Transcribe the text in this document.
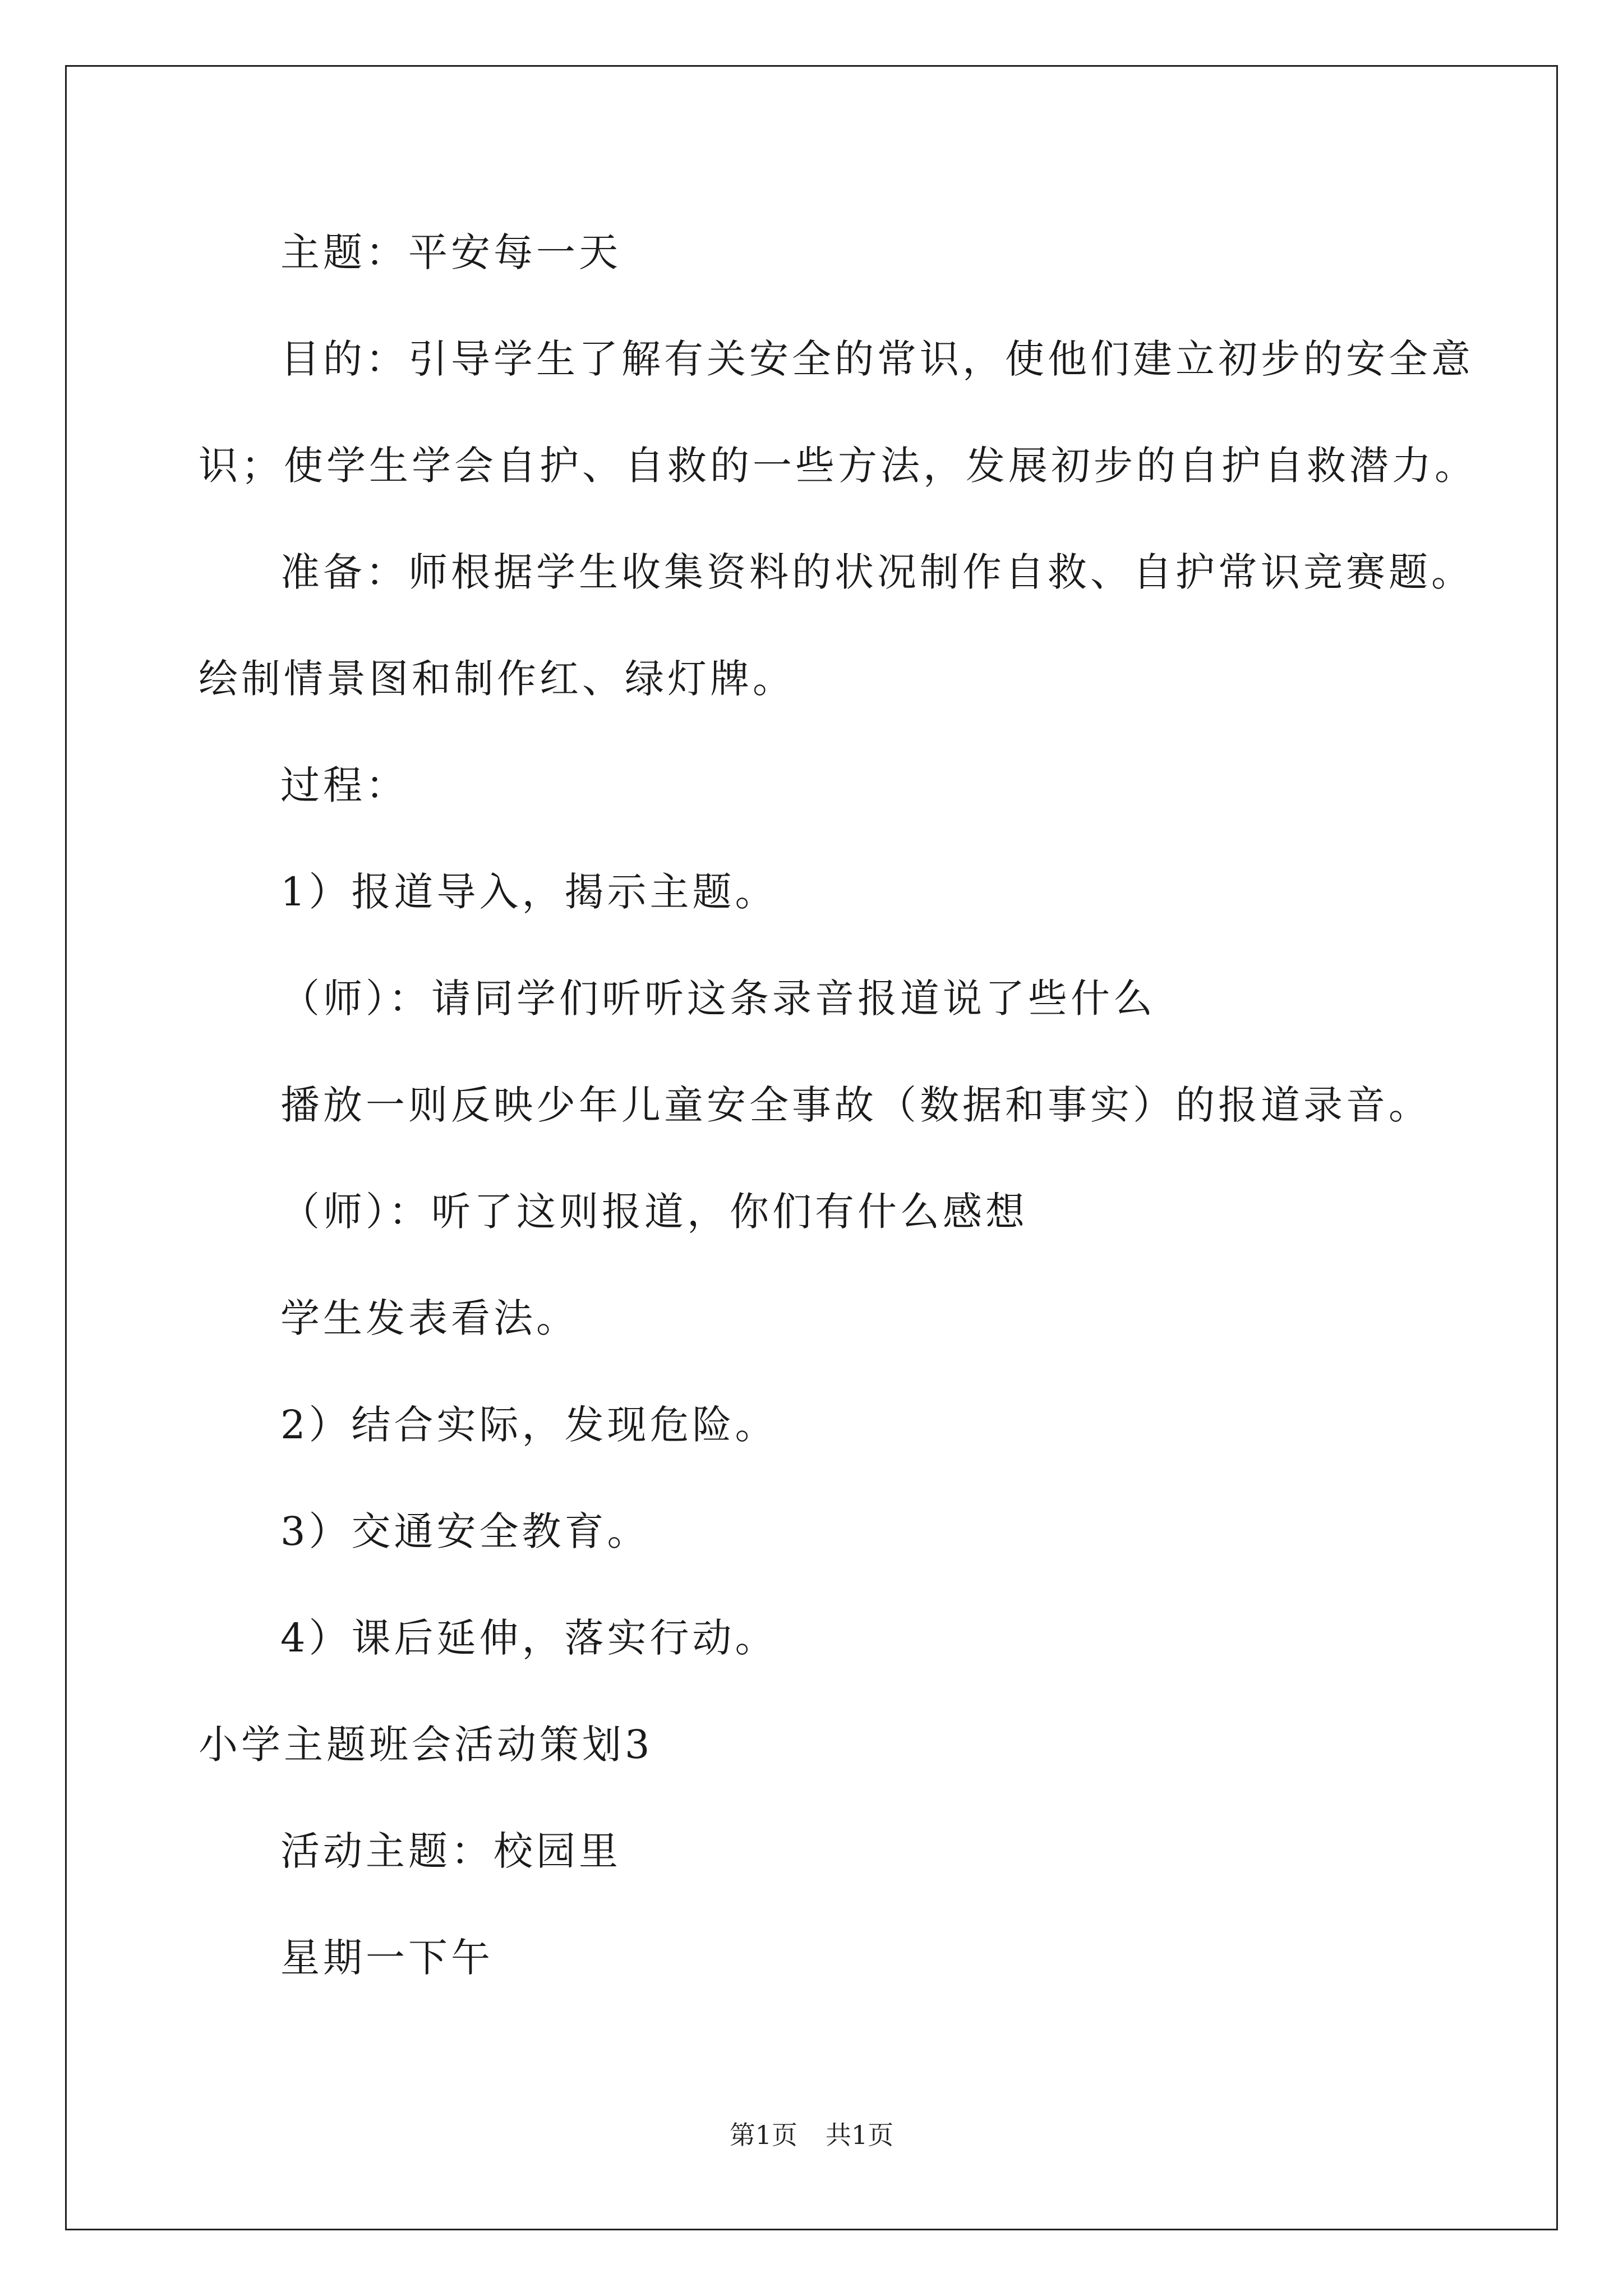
主题：平安每一天
目的：引导学生了解有关安全的常识，使他们建立初步的安全意
识；使学生学会自护、自救的一些方法，发展初步的自护自救潜力。
准备：师根据学生收集资料的状况制作自救、自护常识竞赛题。
绘制情景图和制作红、绿灯牌。
过程：
1）报道导入，揭示主题。
（师）：请同学们听听这条录音报道说了些什么
播放一则反映少年儿童安全事故（数据和事实）的报道录音。
（师）：听了这则报道，你们有什么感想
学生发表看法。
2）结合实际，发现危险。
3）交通安全教育。
4）课后延伸，落实行动。
小学主题班会活动策划3
活动主题：校园里
星期一下午
第1页 共1页
